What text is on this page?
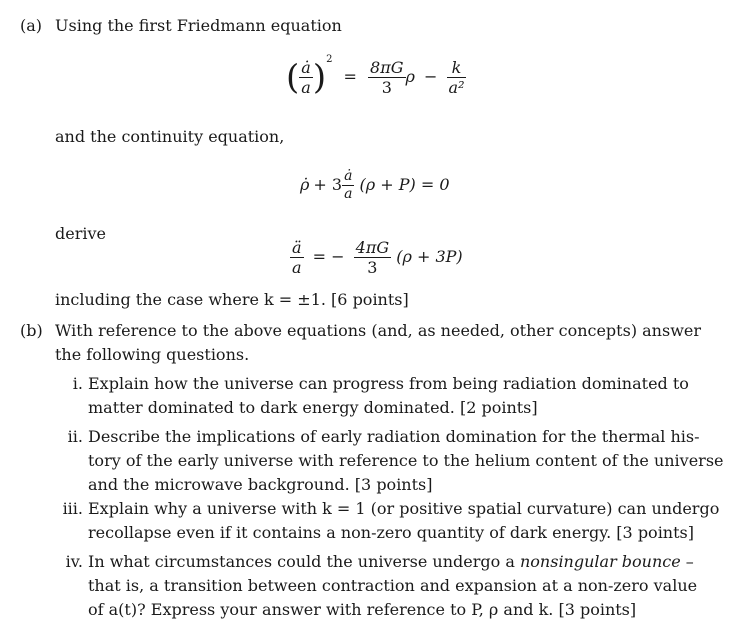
(a) Using the first Friedmann equation
( $\frac{ȧ}{a} )^2 = \frac{8\pi G}{3}$ $\rho - \frac{k}{\text{a²}}$
and the continuity equation,
ρ̇ + $3 \frac{ȧ}{a} (\rho + P) = 0$
derive
$\frac{ä}{a}$ = − $\frac{4\pi G}{3} (\rho + 3P)$
including the case where k = ±1. [6 points]
(b) With reference to the above equations (and, as needed, other concepts) answer
the following questions.
i. Explain how the universe can progress from being radiation dominated to
matter dominated to dark energy dominated. [2 points]
ii. Describe the implications of early radiation domination for the thermal his-
tory of the early universe with reference to the helium content of the universe
and the microwave background. [3 points]
iii. Explain why a universe with k = 1 (or positive spatial curvature) can undergo
recollapse even if it contains a non-zero quantity of dark energy. [3 points]
iv. In what circumstances could the universe undergo a nonsingular bounce –
that is, a transition between contraction and expansion at a non-zero value
of a(t)? Express your answer with reference to P, ρ and k. [3 points]
